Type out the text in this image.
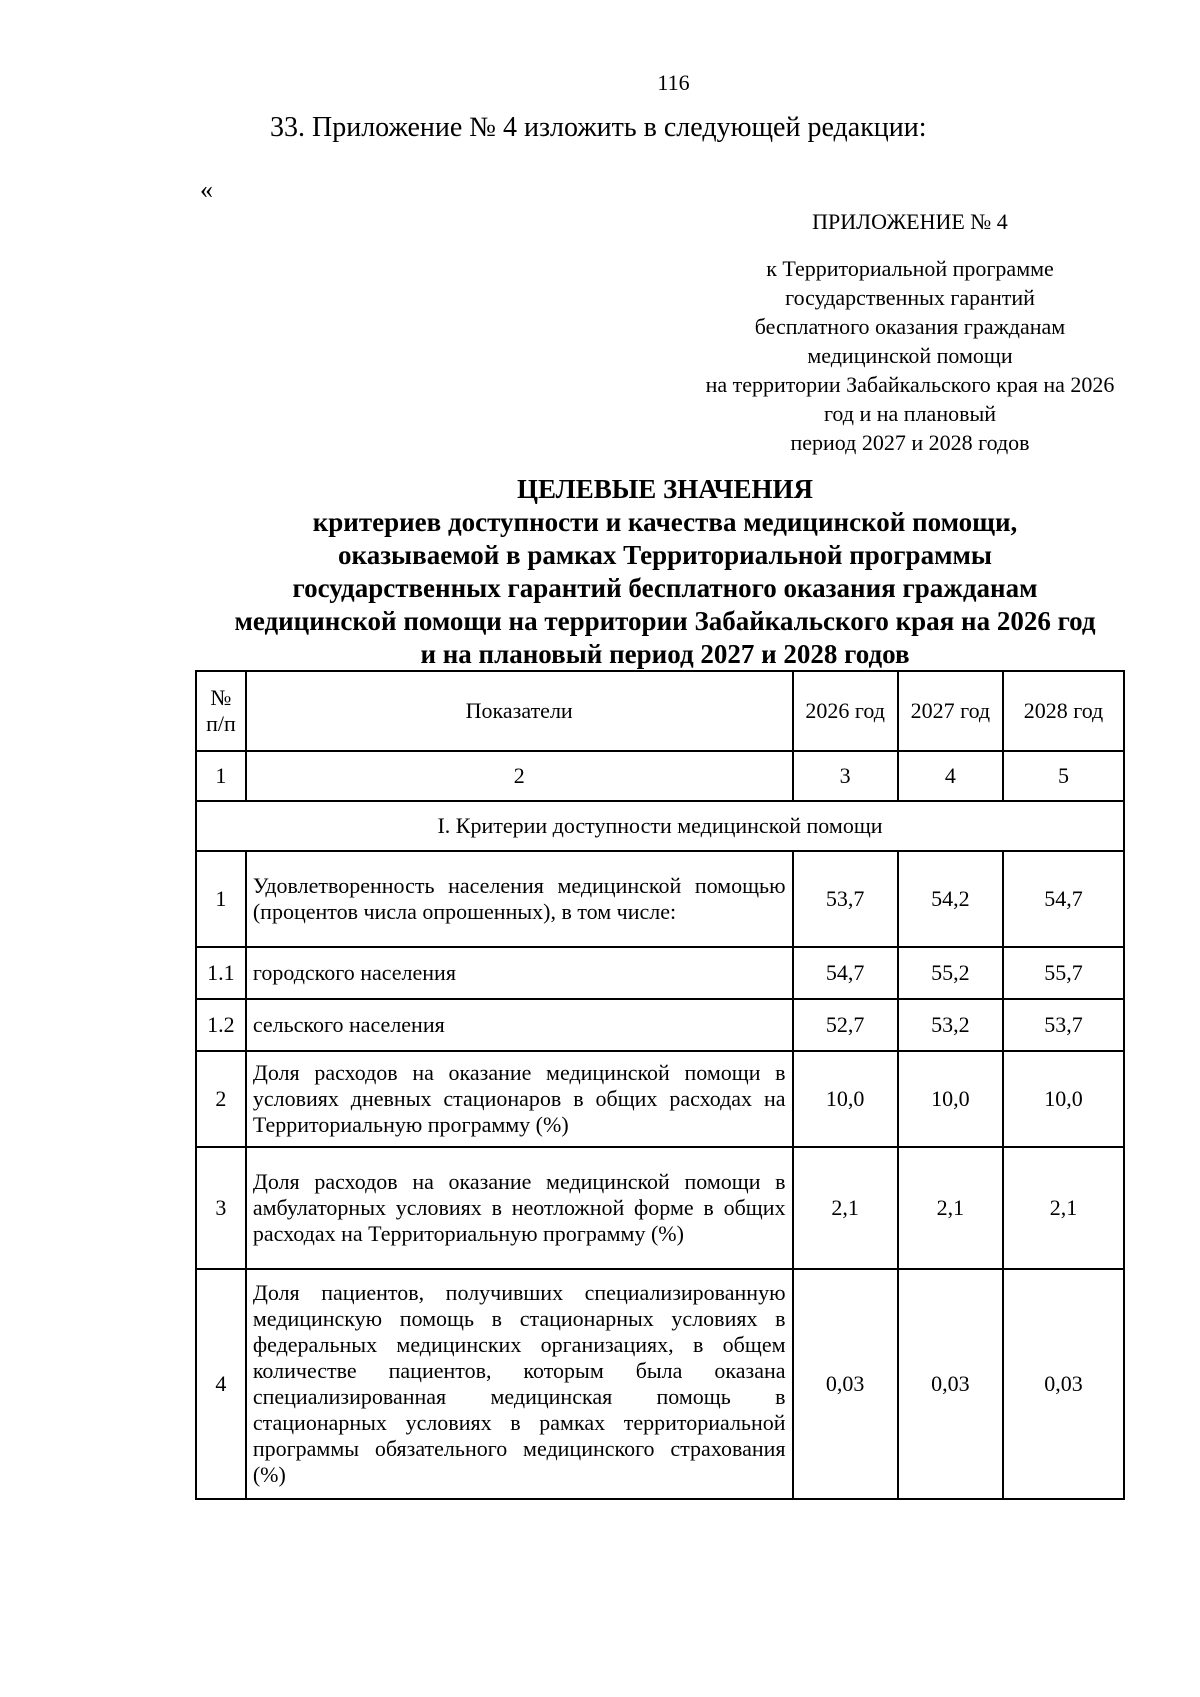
116
33. Приложение № 4 изложить в следующей редакции:
«
ПРИЛОЖЕНИЕ № 4
к Территориальной программе
государственных гарантий
бесплатного оказания гражданам
медицинской помощи
на территории Забайкальского края на 2026
год и на плановый
период 2027 и 2028 годов
ЦЕЛЕВЫЕ ЗНАЧЕНИЯ
критериев доступности и качества медицинской помощи,
оказываемой в рамках Территориальной программы
государственных гарантий бесплатного оказания гражданам
медицинской помощи на территории Забайкальского края на 2026 год
и на плановый период 2027 и 2028 годов
№ п/п	Показатели	2026 год	2027 год	2028 год
1	2	3	4	5
I. Критерии доступности медицинской помощи				
1	Удовлетворенность населения медицинской помощью (процентов числа опрошенных), в том числе:	53,7	54,2	54,7
1.1	городского населения	54,7	55,2	55,7
1.2	сельского населения	52,7	53,2	53,7
2	Доля расходов на оказание медицинской помощи в условиях дневных стационаров в общих расходах на Территориальную программу (%)	10,0	10,0	10,0
3	Доля расходов на оказание медицинской помощи в амбулаторных условиях в неотложной форме в общих расходах на Территориальную программу (%)	2,1	2,1	2,1
4	Доля пациентов, получивших специализированную медицинскую помощь в стационарных условиях в федеральных медицинских организациях, в общем количестве пациентов, которым была оказана специализированная медицинская помощь в стационарных условиях в рамках территориальной программы обязательного медицинского страхования (%)	0,03	0,03	0,03
